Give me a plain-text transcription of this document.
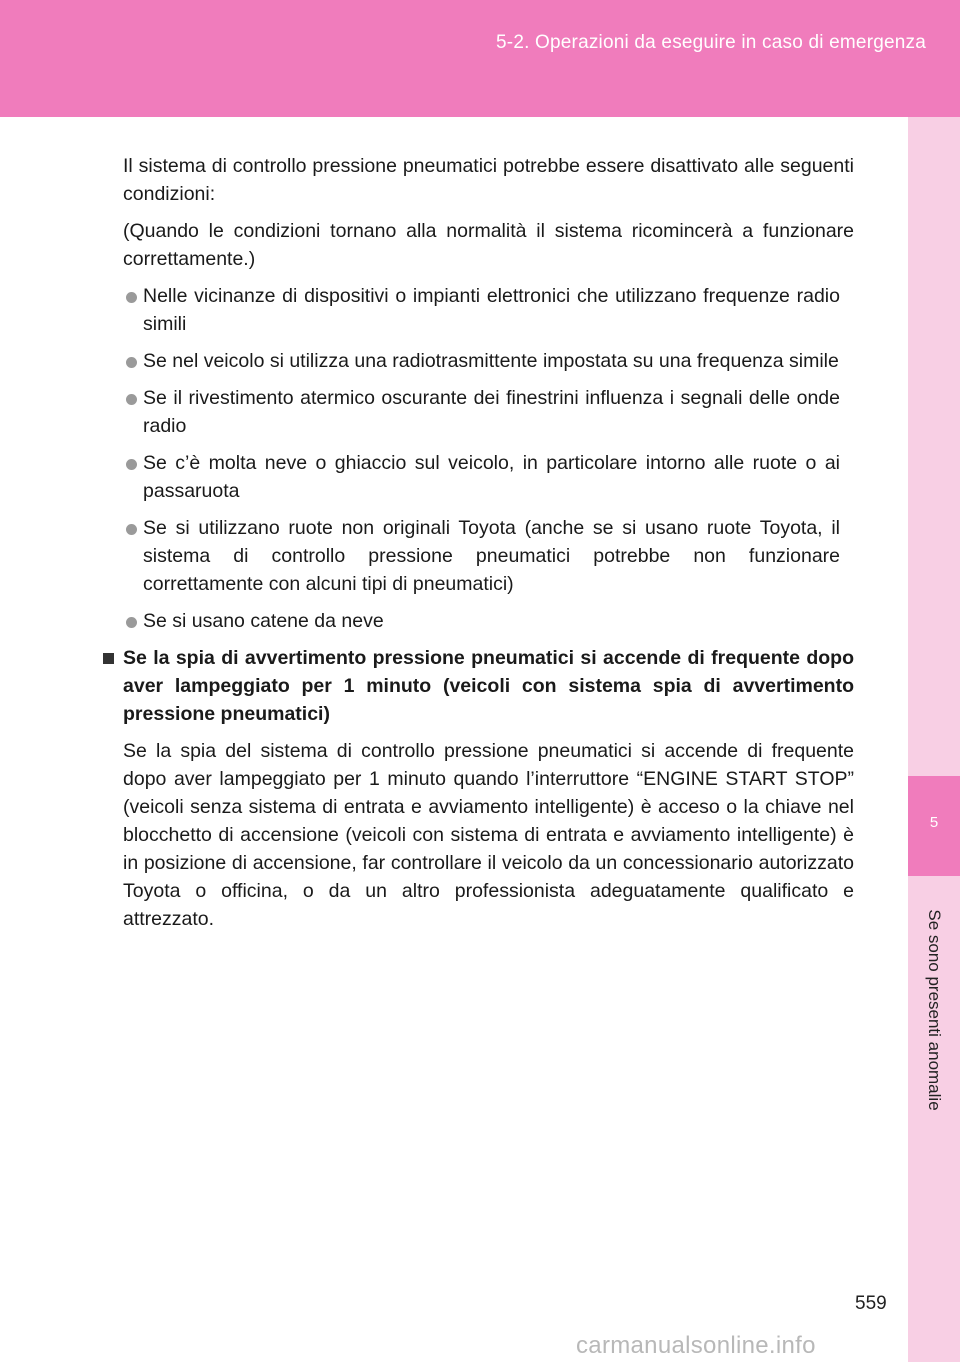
5-2. Operazioni da eseguire in caso di emergenza
5
Se sono presenti anomalie

Il sistema di controllo pressione pneumatici potrebbe essere disattivato alle seguenti condizioni:

(Quando le condizioni tornano alla normalità il sistema ricomincerà a funzionare correttamente.)

Nelle vicinanze di dispositivi o impianti elettronici che utilizzano frequenze radio simili
Se nel veicolo si utilizza una radiotrasmittente impostata su una frequenza simile
Se il rivestimento atermico oscurante dei finestrini influenza i segnali delle onde radio
Se c’è molta neve o ghiaccio sul veicolo, in particolare intorno alle ruote o ai passaruota
Se si utilizzano ruote non originali Toyota (anche se si usano ruote Toyota, il sistema di controllo pressione pneumatici potrebbe non funzionare correttamente con alcuni tipi di pneumatici)
Se si usano catene da neve
Se la spia di avvertimento pressione pneumatici si accende di frequente dopo aver lampeggiato per 1 minuto (veicoli con sistema spia di avvertimento pressione pneumatici)

Se la spia del sistema di controllo pressione pneumatici si accende di frequente dopo aver lampeggiato per 1 minuto quando l’interruttore “ENGINE START STOP” (veicoli senza sistema di entrata e avviamento intelligente) è acceso o la chiave nel blocchetto di accensione (veicoli con sistema di entrata e avviamento intelligente) è in posizione di accensione, far controllare il veicolo da un concessionario autorizzato Toyota o officina, o da un altro professionista adeguatamente qualificato e attrezzato.

559
carmanualsonline.info
